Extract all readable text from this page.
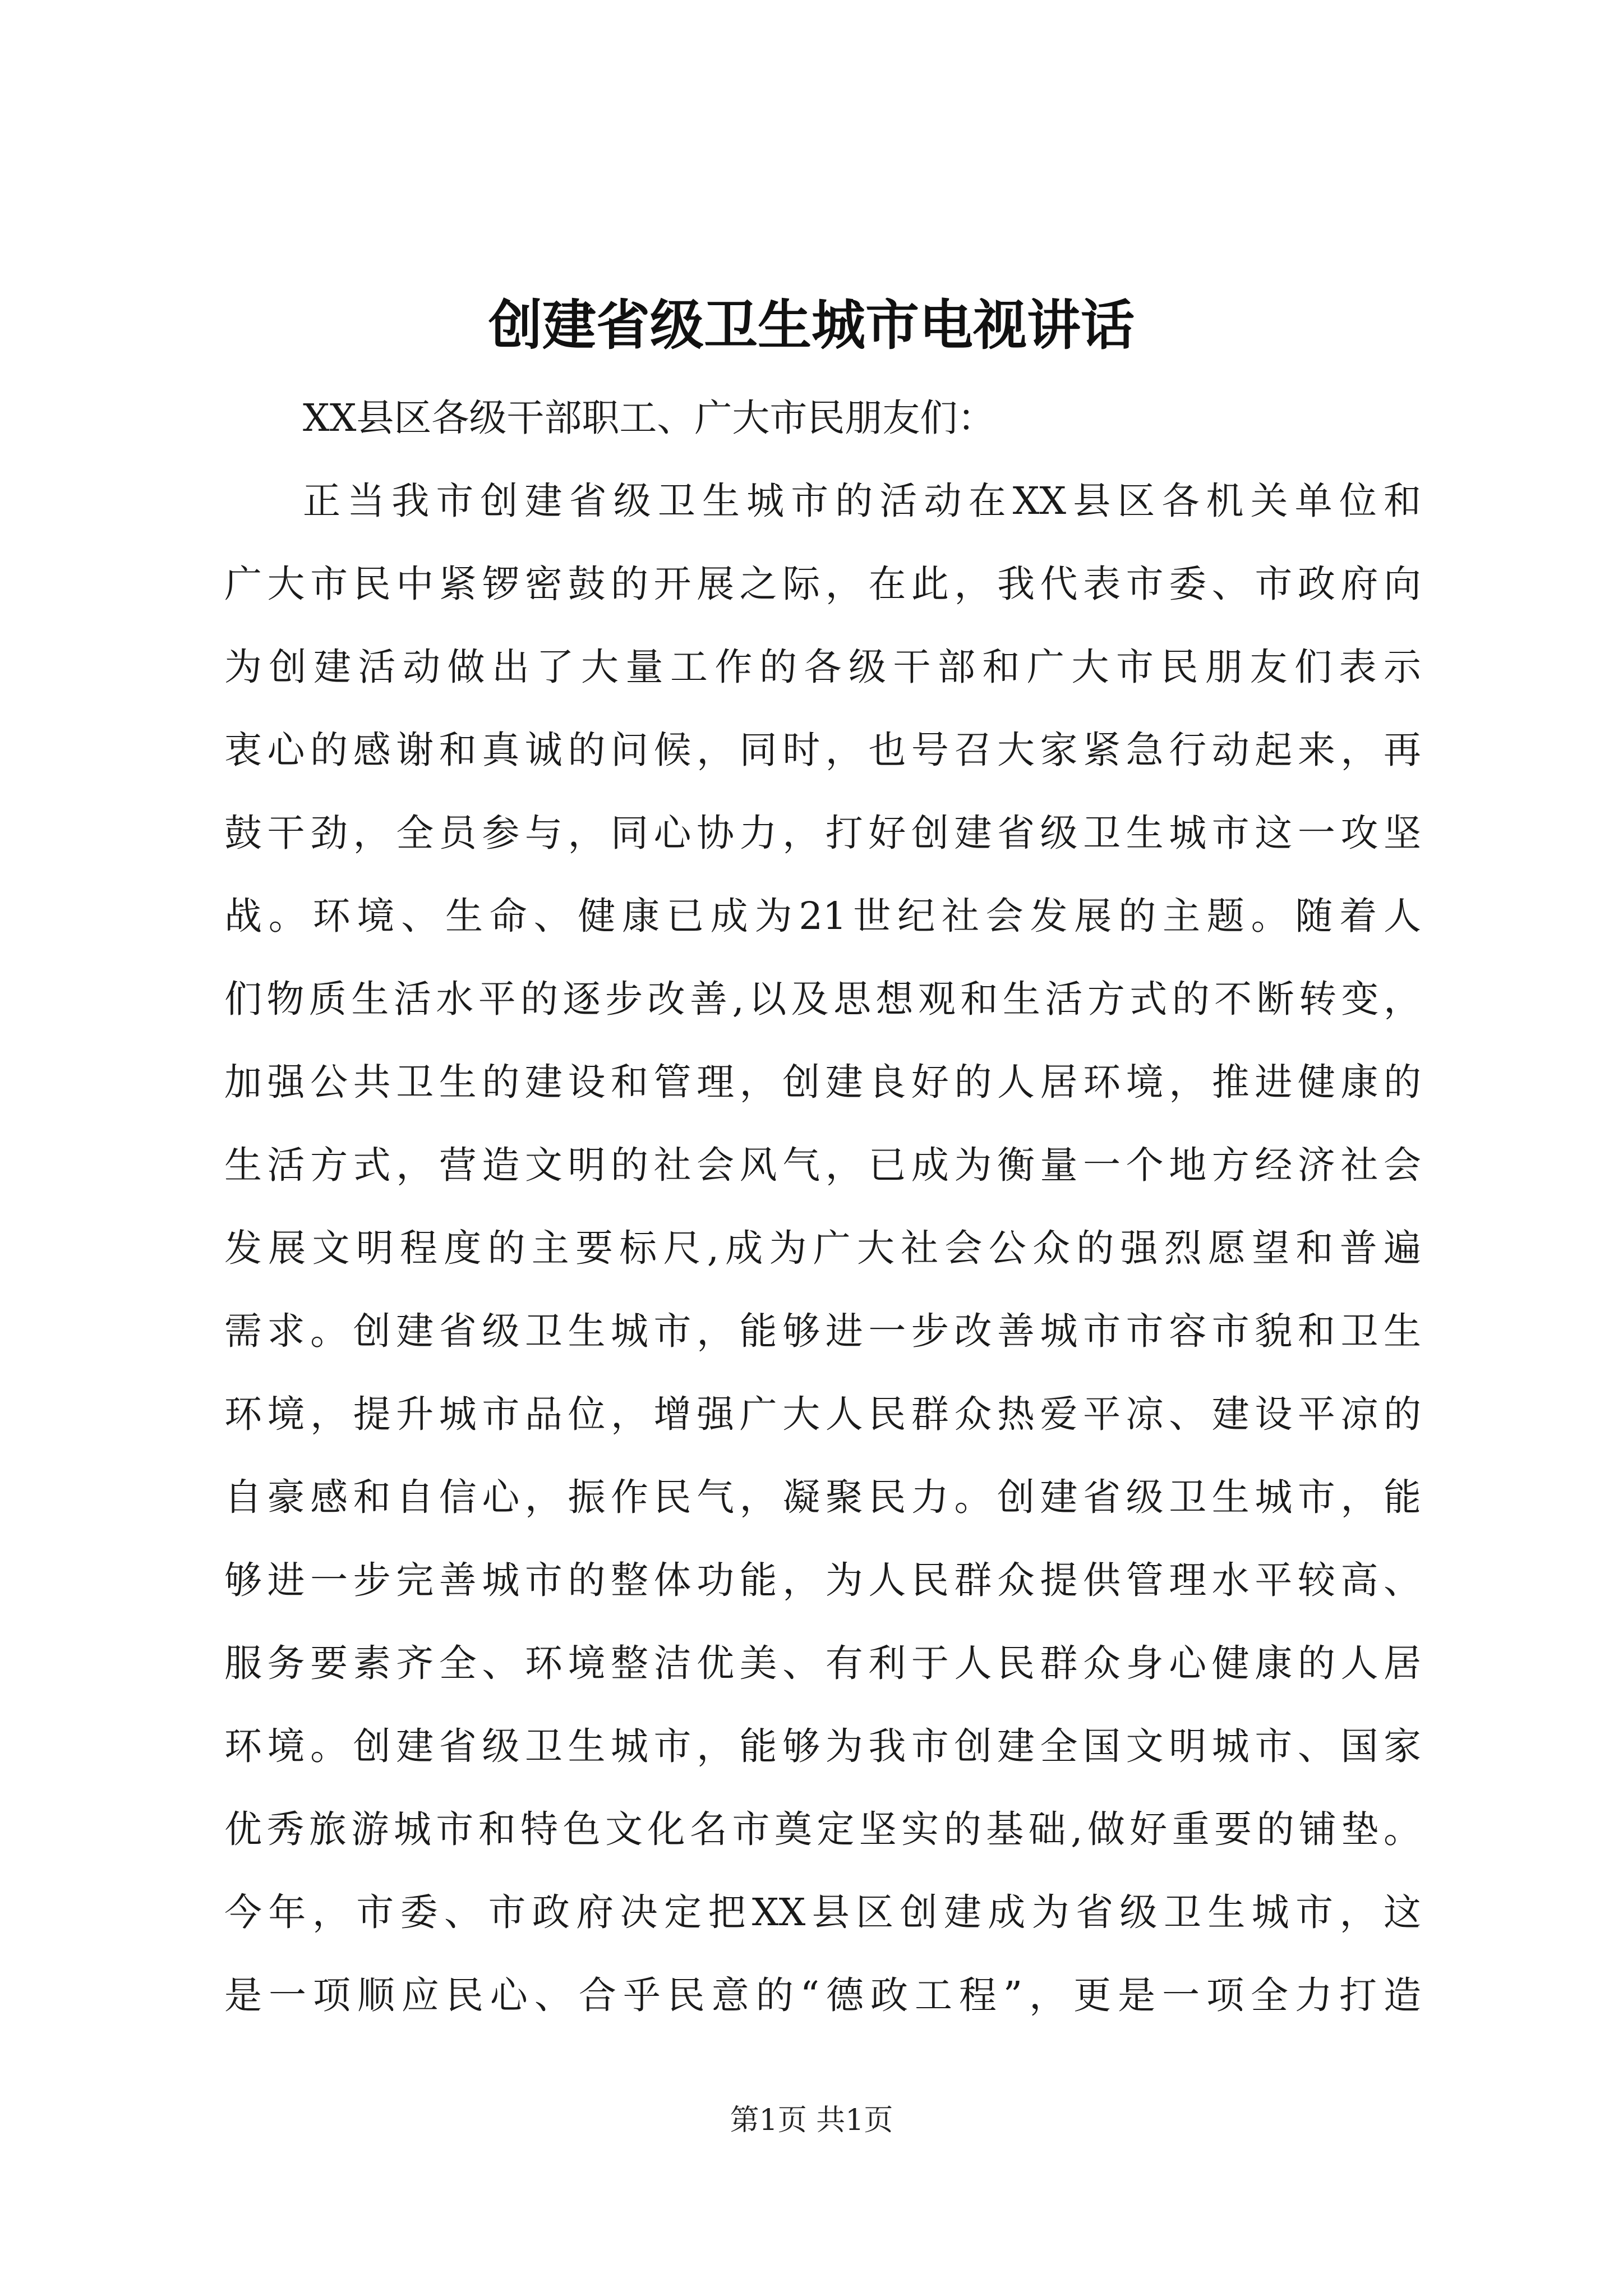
创建省级卫生城市电视讲话
XX县区各级干部职工、广大市民朋友们：
正当我市创建省级卫生城市的活动在XX县区各机关单位和
广大市民中紧锣密鼓的开展之际，在此，我代表市委、市政府向
为创建活动做出了大量工作的各级干部和广大市民朋友们表示
衷心的感谢和真诚的问候，同时，也号召大家紧急行动起来，再
鼓干劲，全员参与，同心协力，打好创建省级卫生城市这一攻坚
战。环境、生命、健康已成为21世纪社会发展的主题。随着人
们物质生活水平的逐步改善,以及思想观和生活方式的不断转变，
加强公共卫生的建设和管理，创建良好的人居环境，推进健康的
生活方式，营造文明的社会风气，已成为衡量一个地方经济社会
发展文明程度的主要标尺,成为广大社会公众的强烈愿望和普遍
需求。创建省级卫生城市，能够进一步改善城市市容市貌和卫生
环境，提升城市品位，增强广大人民群众热爱平凉、建设平凉的
自豪感和自信心，振作民气，凝聚民力。创建省级卫生城市，能
够进一步完善城市的整体功能，为人民群众提供管理水平较高、
服务要素齐全、环境整洁优美、有利于人民群众身心健康的人居
环境。创建省级卫生城市，能够为我市创建全国文明城市、国家
优秀旅游城市和特色文化名市奠定坚实的基础,做好重要的铺垫。
今年，市委、市政府决定把XX县区创建成为省级卫生城市，这
是一项顺应民心、合乎民意的“德政工程”，更是一项全力打造
第1页 共1页
